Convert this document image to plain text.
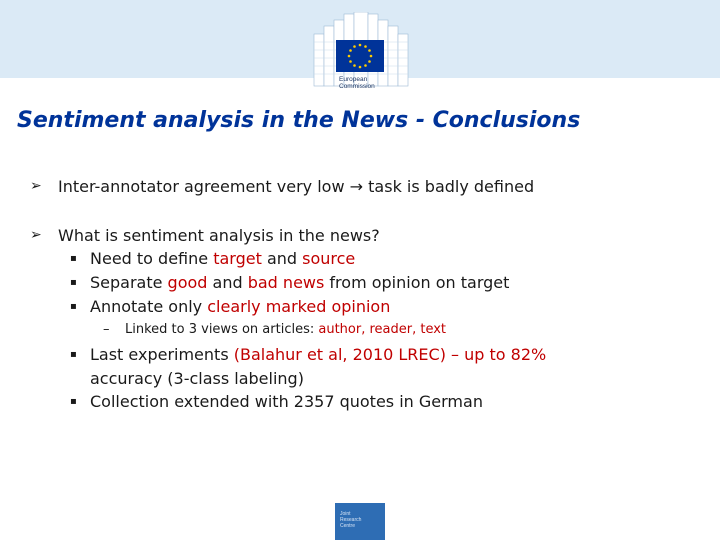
European
Commission
Sentiment analysis in the News - Conclusions
➢ Inter-annotator agreement very low → task is badly defined
➢ What is sentiment analysis in the news?
▪ Need to define target and source
▪ Separate good and bad news from opinion on target
▪ Annotate only clearly marked opinion
– Linked to 3 views on articles: author, reader, text
▪ Last experiments (Balahur et al, 2010 LREC) – up to 82%
accuracy (3-class labeling)
▪ Collection extended with 2357 quotes in German
Joint
Research
Centre
